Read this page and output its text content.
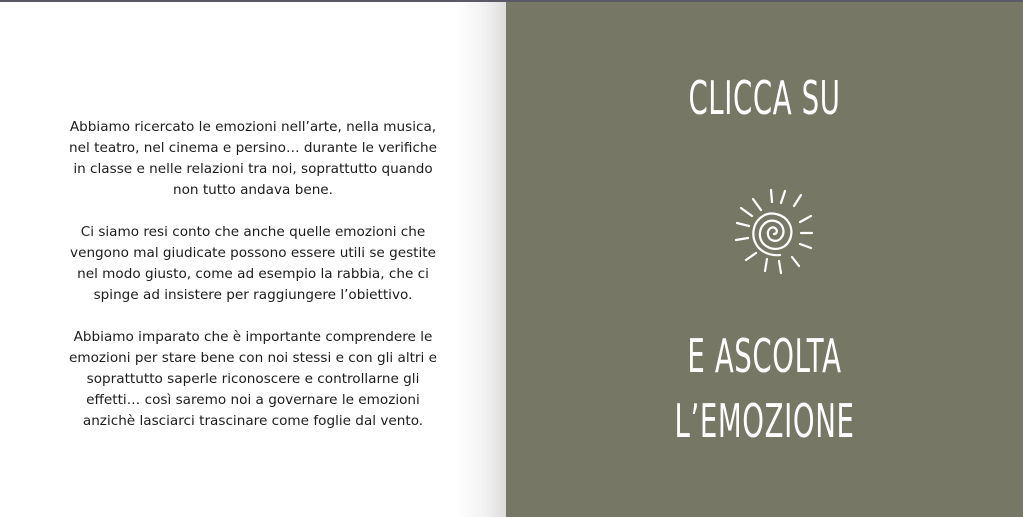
Abbiamo ricercato le emozioni nell’arte, nella musica, nel teatro, nel cinema e persino… durante le verifiche in classe e nelle relazioni tra noi, soprattutto quando non tutto andava bene.

Ci siamo resi conto che anche quelle emozioni che vengono mal giudicate possono essere utili se gestite nel modo giusto, come ad esempio la rabbia, che ci spinge ad insistere per raggiungere l’obiettivo.

Abbiamo imparato che è importante comprendere le emozioni per stare bene con noi stessi e con gli altri e soprattutto saperle riconoscere e controllarne gli effetti… così saremo noi a governare le emozioni anzichè lasciarci trascinare come foglie dal vento.

CLICCA SU
E ASCOLTA
L’EMOZIONE
